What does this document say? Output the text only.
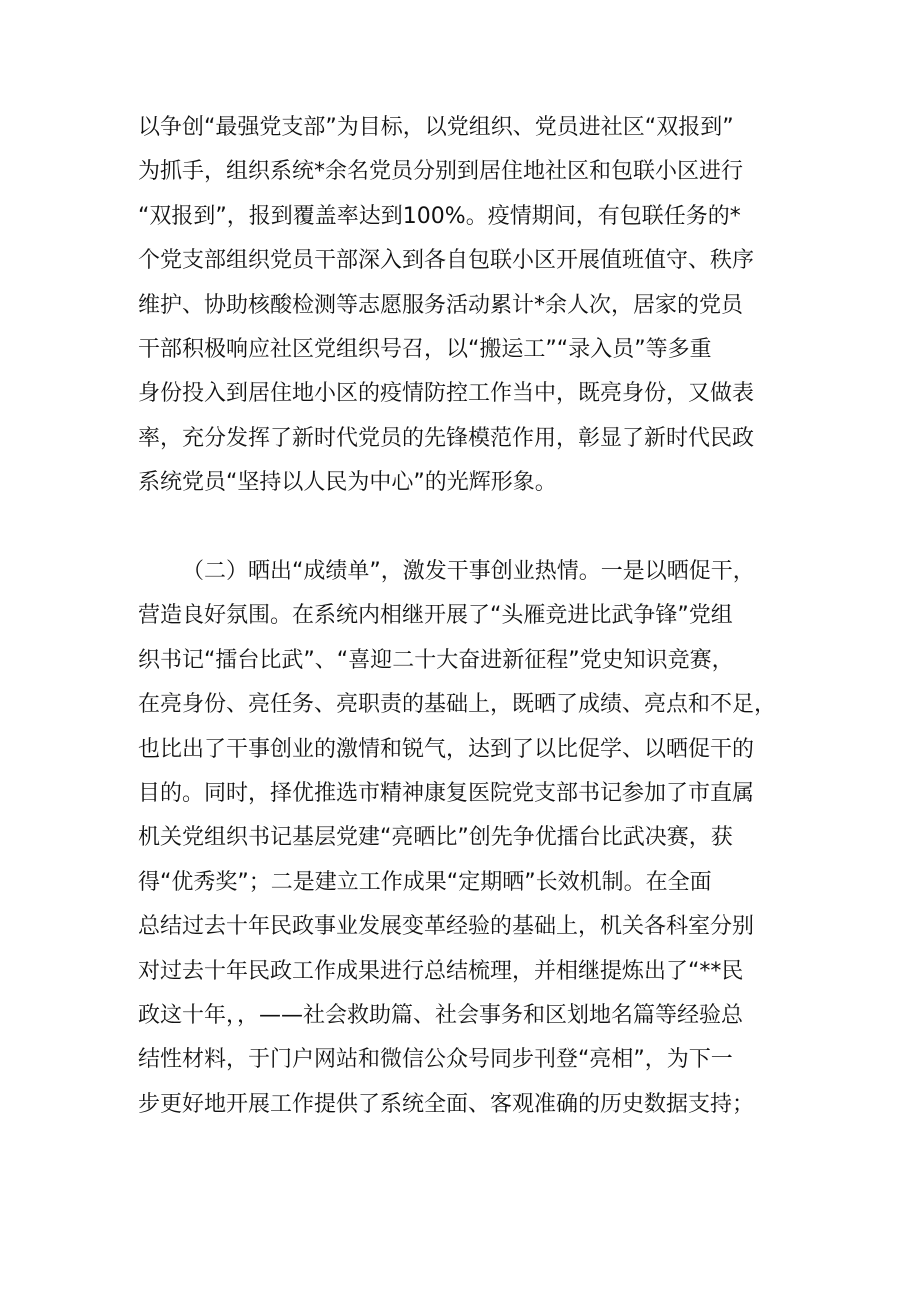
以争创“最强党支部”为目标，以党组织、党员进社区“双报到”
为抓手，组织系统*余名党员分别到居住地社区和包联小区进行
“双报到”，报到覆盖率达到100%。疫情期间，有包联任务的*
个党支部组织党员干部深入到各自包联小区开展值班值守、秩序
维护、协助核酸检测等志愿服务活动累计*余人次，居家的党员
干部积极响应社区党组织号召，以“搬运工”“录入员”等多重
身份投入到居住地小区的疫情防控工作当中，既亮身份，又做表
率，充分发挥了新时代党员的先锋模范作用，彰显了新时代民政
系统党员“坚持以人民为中心”的光辉形象。
（二）晒出“成绩单”，激发干事创业热情。一是以晒促干，
营造良好氛围。在系统内相继开展了“头雁竞进比武争锋”党组
织书记“擂台比武”、“喜迎二十大奋进新征程”党史知识竞赛，
在亮身份、亮任务、亮职责的基础上，既晒了成绩、亮点和不足，
也比出了干事创业的激情和锐气，达到了以比促学、以晒促干的
目的。同时，择优推选市精神康复医院党支部书记参加了市直属
机关党组织书记基层党建“亮晒比”创先争优擂台比武决赛，获
得“优秀奖”；二是建立工作成果“定期晒”长效机制。在全面
总结过去十年民政事业发展变革经验的基础上，机关各科室分别
对过去十年民政工作成果进行总结梳理，并相继提炼出了“**民
政这十年，，——社会救助篇、社会事务和区划地名篇等经验总
结性材料，于门户网站和微信公众号同步刊登“亮相”，为下一
步更好地开展工作提供了系统全面、客观准确的历史数据支持；
